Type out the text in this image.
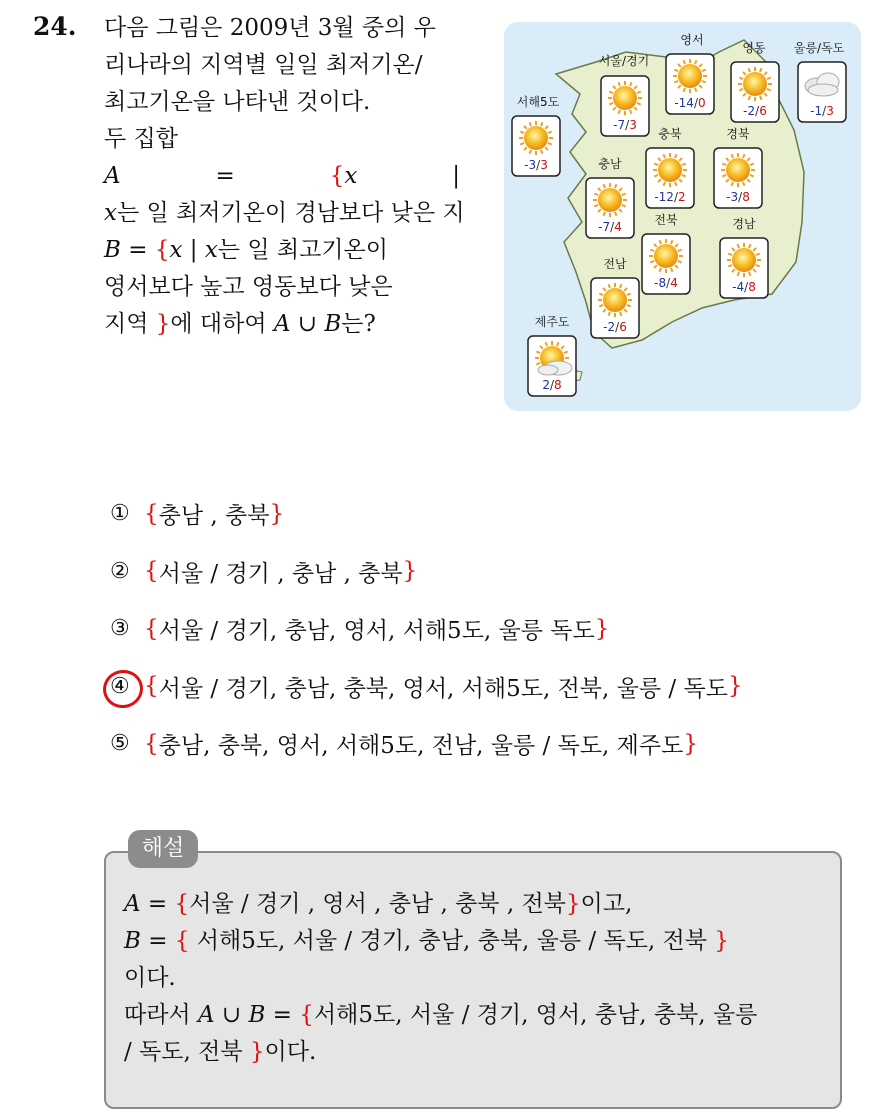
24. 다음 그림은 2009년 3월 중의 우

리나라의 지역별 일일 최저기온/

최고기온을 나타낸 것이다.

두 집합

A	=	{x	|

x는 일 최저기온이 경남보다 낮은 지

B = {x | x는 일 최고기온이

영서보다 높고 영동보다 낮은

지역 }에 대하여 A ∪ B는?

서해5도
-3/3
서울/경기
-7/3
영서
-14/0
영동
-2/6
울릉/독도
-1/3
충북
-12/2
경북
-3/8
충남
-7/4	전북
-8/4
경남
-4/8
전남
-2/6
제주도
2/8
① { 충남 , 충북 }
② { 서울 / 경기 , 충남 , 충북 }
③ { 서울 / 경기, 충남, 영서, 서해5도, 울릉 독도 }
④ { 서울 / 경기, 충남, 충북, 영서, 서해5도, 전북, 울릉 / 독도 }
⑤ { 충남, 충북, 영서, 서해5도, 전남, 울릉 / 독도, 제주도 }
해설

A = {서울 / 경기 , 영서 , 충남 , 충북 , 전북}이고,

B = { 서해5도, 서울 / 경기, 충남, 충북, 울릉 / 독도, 전북 }

이다.

따라서 A ∪ B = {서해5도, 서울 / 경기, 영서, 충남, 충북, 울릉

/ 독도, 전북 }이다.
